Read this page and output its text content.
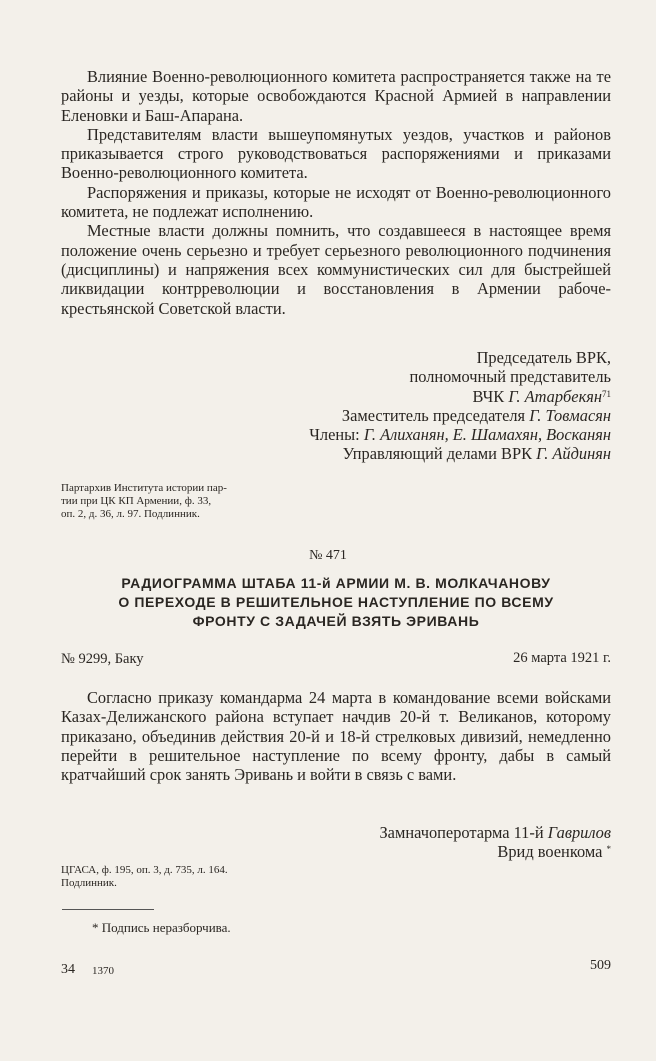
Влияние Военно-революционного комитета распространяется также на те районы и уезды, которые освобождаются Красной Армией в направлении Еленовки и Баш-Апарана.

Представителям власти вышеупомянутых уездов, участков и районов приказывается строго руководствоваться распоряжениями и приказами Военно-революционного комитета.

Распоряжения и приказы, которые не исходят от Военно-революционного комитета, не подлежат исполнению.

Местные власти должны помнить, что создавшееся в настоящее время положение очень серьезно и требует серьезного революционного подчинения (дисциплины) и напряжения всех коммунистических сил для быстрейшей ликвидации контрреволюции и восстановления в Армении рабоче-крестьянской Советской власти.

Председатель ВРК,
полномочный представитель
ВЧК Г. Атарбекян$^{71}$
Заместитель председателя Г. Товмасян
Члены: Г. Алиханян, Е. Шамахян, Восканян
Управляющий делами ВРК Г. Айдинян
Партархив Института истории пар-
тии при ЦК КП Армении, ф. 33,
оп. 2, д. 36, л. 97. Подлинник.
№ 471
РАДИОГРАММА ШТАБА 11-й АРМИИ М. В. МОЛКАЧАНОВУ
О ПЕРЕХОДЕ В РЕШИТЕЛЬНОЕ НАСТУПЛЕНИЕ ПО ВСЕМУ
ФРОНТУ С ЗАДАЧЕЙ ВЗЯТЬ ЭРИВАНЬ
№ 9299, Баку	26 марта 1921 г.

Согласно приказу командарма 24 марта в командование всеми войсками Казах-Делижанского района вступает начдив 20-й т. Великанов, которому приказано, объединив действия 20-й и 18-й стрелковых дивизий, немедленно перейти в решительное наступление по всему фронту, дабы в самый кратчайший срок занять Эривань и войти в связь с вами.

Замначоперотарма 11-й Гаврилов
Врид военкома *
ЦГАСА, ф. 195, оп. 3, д. 735, л. 164.
Подлинник.
* Подпись неразборчива.
34 1370	509
